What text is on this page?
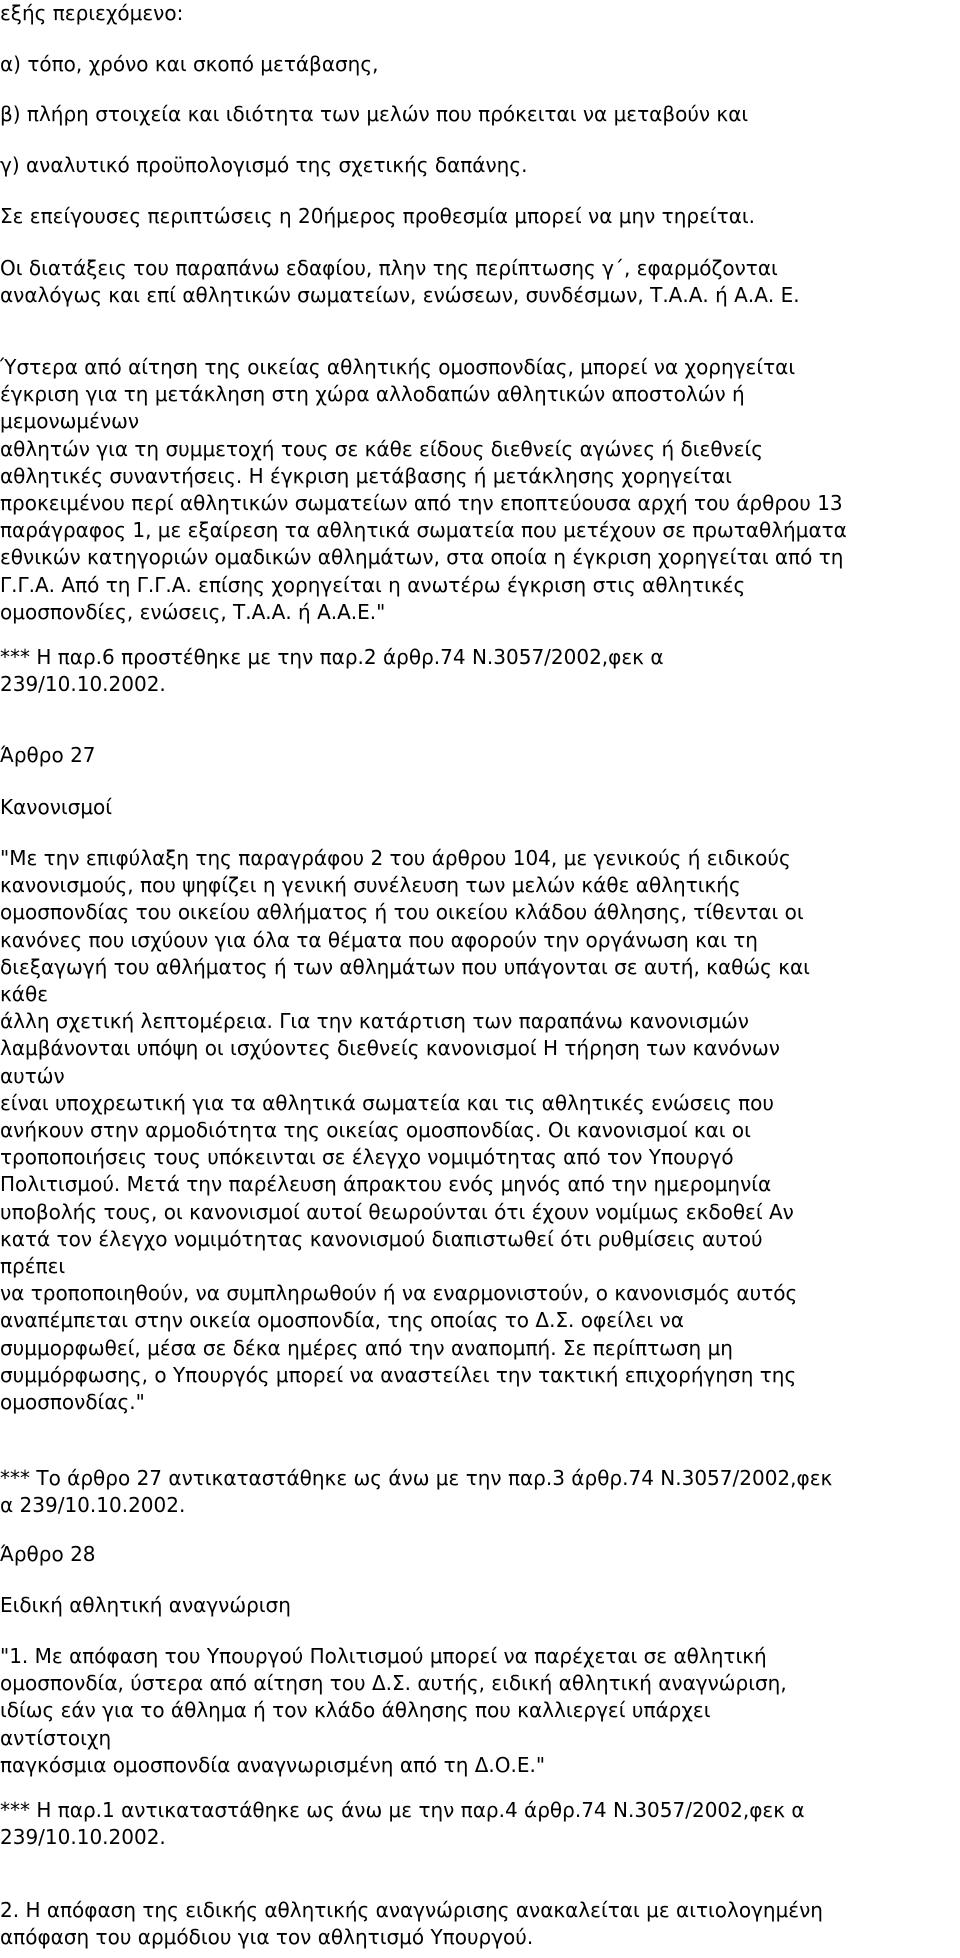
εξής περιεχόμενο:
α) τόπο, χρόνο και σκοπό μετάβασης,
β) πλήρη στοιχεία και ιδιότητα των μελών που πρόκειται να μεταβούν και
γ) αναλυτικό προϋπολογισμό της σχετικής δαπάνης.
Σε επείγουσες περιπτώσεις η 20ήμερος προθεσμία μπορεί να μην τηρείται.
Οι διατάξεις του παραπάνω εδαφίου, πλην της περίπτωσης γ΄, εφαρμόζονται
αναλόγως και επί αθλητικών σωματείων, ενώσεων, συνδέσμων, Τ.Α.Α. ή Α.Α. Ε.
Ύστερα από αίτηση της οικείας αθλητικής ομοσπονδίας, μπορεί να χορηγείται
έγκριση για τη μετάκληση στη χώρα αλλοδαπών αθλητικών αποστολών ή
μεμονωμένων
αθλητών για τη συμμετοχή τους σε κάθε είδους διεθνείς αγώνες ή διεθνείς
αθλητικές συναντήσεις. Η έγκριση μετάβασης ή μετάκλησης χορηγείται
προκειμένου περί αθλητικών σωματείων από την εποπτεύουσα αρχή του άρθρου 13
παράγραφος 1, με εξαίρεση τα αθλητικά σωματεία που μετέχουν σε πρωταθλήματα
εθνικών κατηγοριών ομαδικών αθλημάτων, στα οποία η έγκριση χορηγείται από τη
Γ.Γ.Α. Από τη Γ.Γ.Α. επίσης χορηγείται η ανωτέρω έγκριση στις αθλητικές
ομοσπονδίες, ενώσεις, Τ.Α.Α. ή Α.Α.Ε."
*** Η παρ.6 προστέθηκε με την παρ.2 άρθρ.74 Ν.3057/2002,φεκ α
239/10.10.2002.
Άρθρο 27
Κανονισμοί
"Με την επιφύλαξη της παραγράφου 2 του άρθρου 104, με γενικούς ή ειδικούς
κανονισμούς, που ψηφίζει η γενική συνέλευση των μελών κάθε αθλητικής
ομοσπονδίας του οικείου αθλήματος ή του οικείου κλάδου άθλησης, τίθενται οι
κανόνες που ισχύουν για όλα τα θέματα που αφορούν την οργάνωση και τη
διεξαγωγή του αθλήματος ή των αθλημάτων που υπάγονται σε αυτή, καθώς και
κάθε
άλλη σχετική λεπτομέρεια. Για την κατάρτιση των παραπάνω κανονισμών
λαμβάνονται υπόψη οι ισχύοντες διεθνείς κανονισμοί Η τήρηση των κανόνων
αυτών
είναι υποχρεωτική για τα αθλητικά σωματεία και τις αθλητικές ενώσεις που
ανήκουν στην αρμοδιότητα της οικείας ομοσπονδίας. Οι κανονισμοί και οι
τροποποιήσεις τους υπόκεινται σε έλεγχο νομιμότητας από τον Υπουργό
Πολιτισμού. Μετά την παρέλευση άπρακτου ενός μηνός από την ημερομηνία
υποβολής τους, οι κανονισμοί αυτοί θεωρούνται ότι έχουν νομίμως εκδοθεί Αν
κατά τον έλεγχο νομιμότητας κανονισμού διαπιστωθεί ότι ρυθμίσεις αυτού
πρέπει
να τροποποιηθούν, να συμπληρωθούν ή να εναρμονιστούν, ο κανονισμός αυτός
αναπέμπεται στην οικεία ομοσπονδία, της οποίας το Δ.Σ. οφείλει να
συμμορφωθεί, μέσα σε δέκα ημέρες από την αναπομπή. Σε περίπτωση μη
συμμόρφωσης, ο Υπουργός μπορεί να αναστείλει την τακτική επιχορήγηση της
ομοσπονδίας."
*** Το άρθρο 27 αντικαταστάθηκε ως άνω με την παρ.3 άρθρ.74 Ν.3057/2002,φεκ
α 239/10.10.2002.
Άρθρο 28
Ειδική αθλητική αναγνώριση
"1. Με απόφαση του Υπουργού Πολιτισμού μπορεί να παρέχεται σε αθλητική
ομοσπονδία, ύστερα από αίτηση του Δ.Σ. αυτής, ειδική αθλητική αναγνώριση,
ιδίως εάν για το άθλημα ή τον κλάδο άθλησης που καλλιεργεί υπάρχει
αντίστοιχη
παγκόσμια ομοσπονδία αναγνωρισμένη από τη Δ.Ο.Ε."
*** Η παρ.1 αντικαταστάθηκε ως άνω με την παρ.4 άρθρ.74 Ν.3057/2002,φεκ α
239/10.10.2002.
2. Η απόφαση της ειδικής αθλητικής αναγνώρισης ανακαλείται με αιτιολογημένη
απόφαση του αρμόδιου για τον αθλητισμό Υπουργού.
